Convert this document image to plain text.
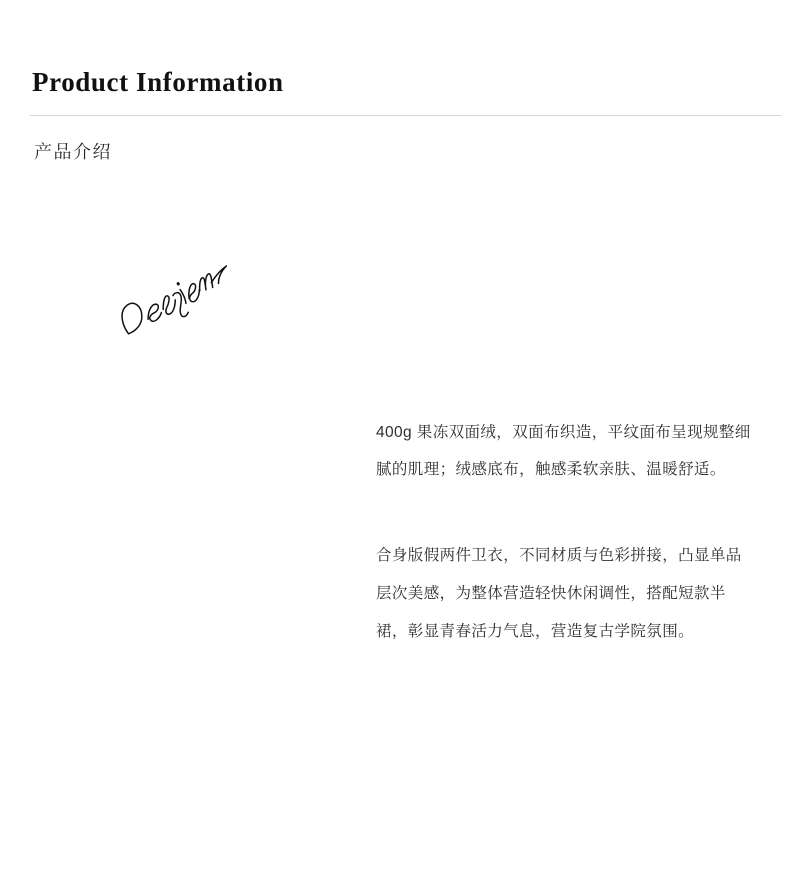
Product Information
产品介绍

400g 果冻双面绒，双面布织造，平纹面布呈现规整细腻的肌理；绒感底布，触感柔软亲肤、温暖舒适。

合身版假两件卫衣，不同材质与色彩拼接，凸显单品层次美感，为整体营造轻快休闲调性，搭配短款半裙，彰显青春活力气息，营造复古学院氛围。
